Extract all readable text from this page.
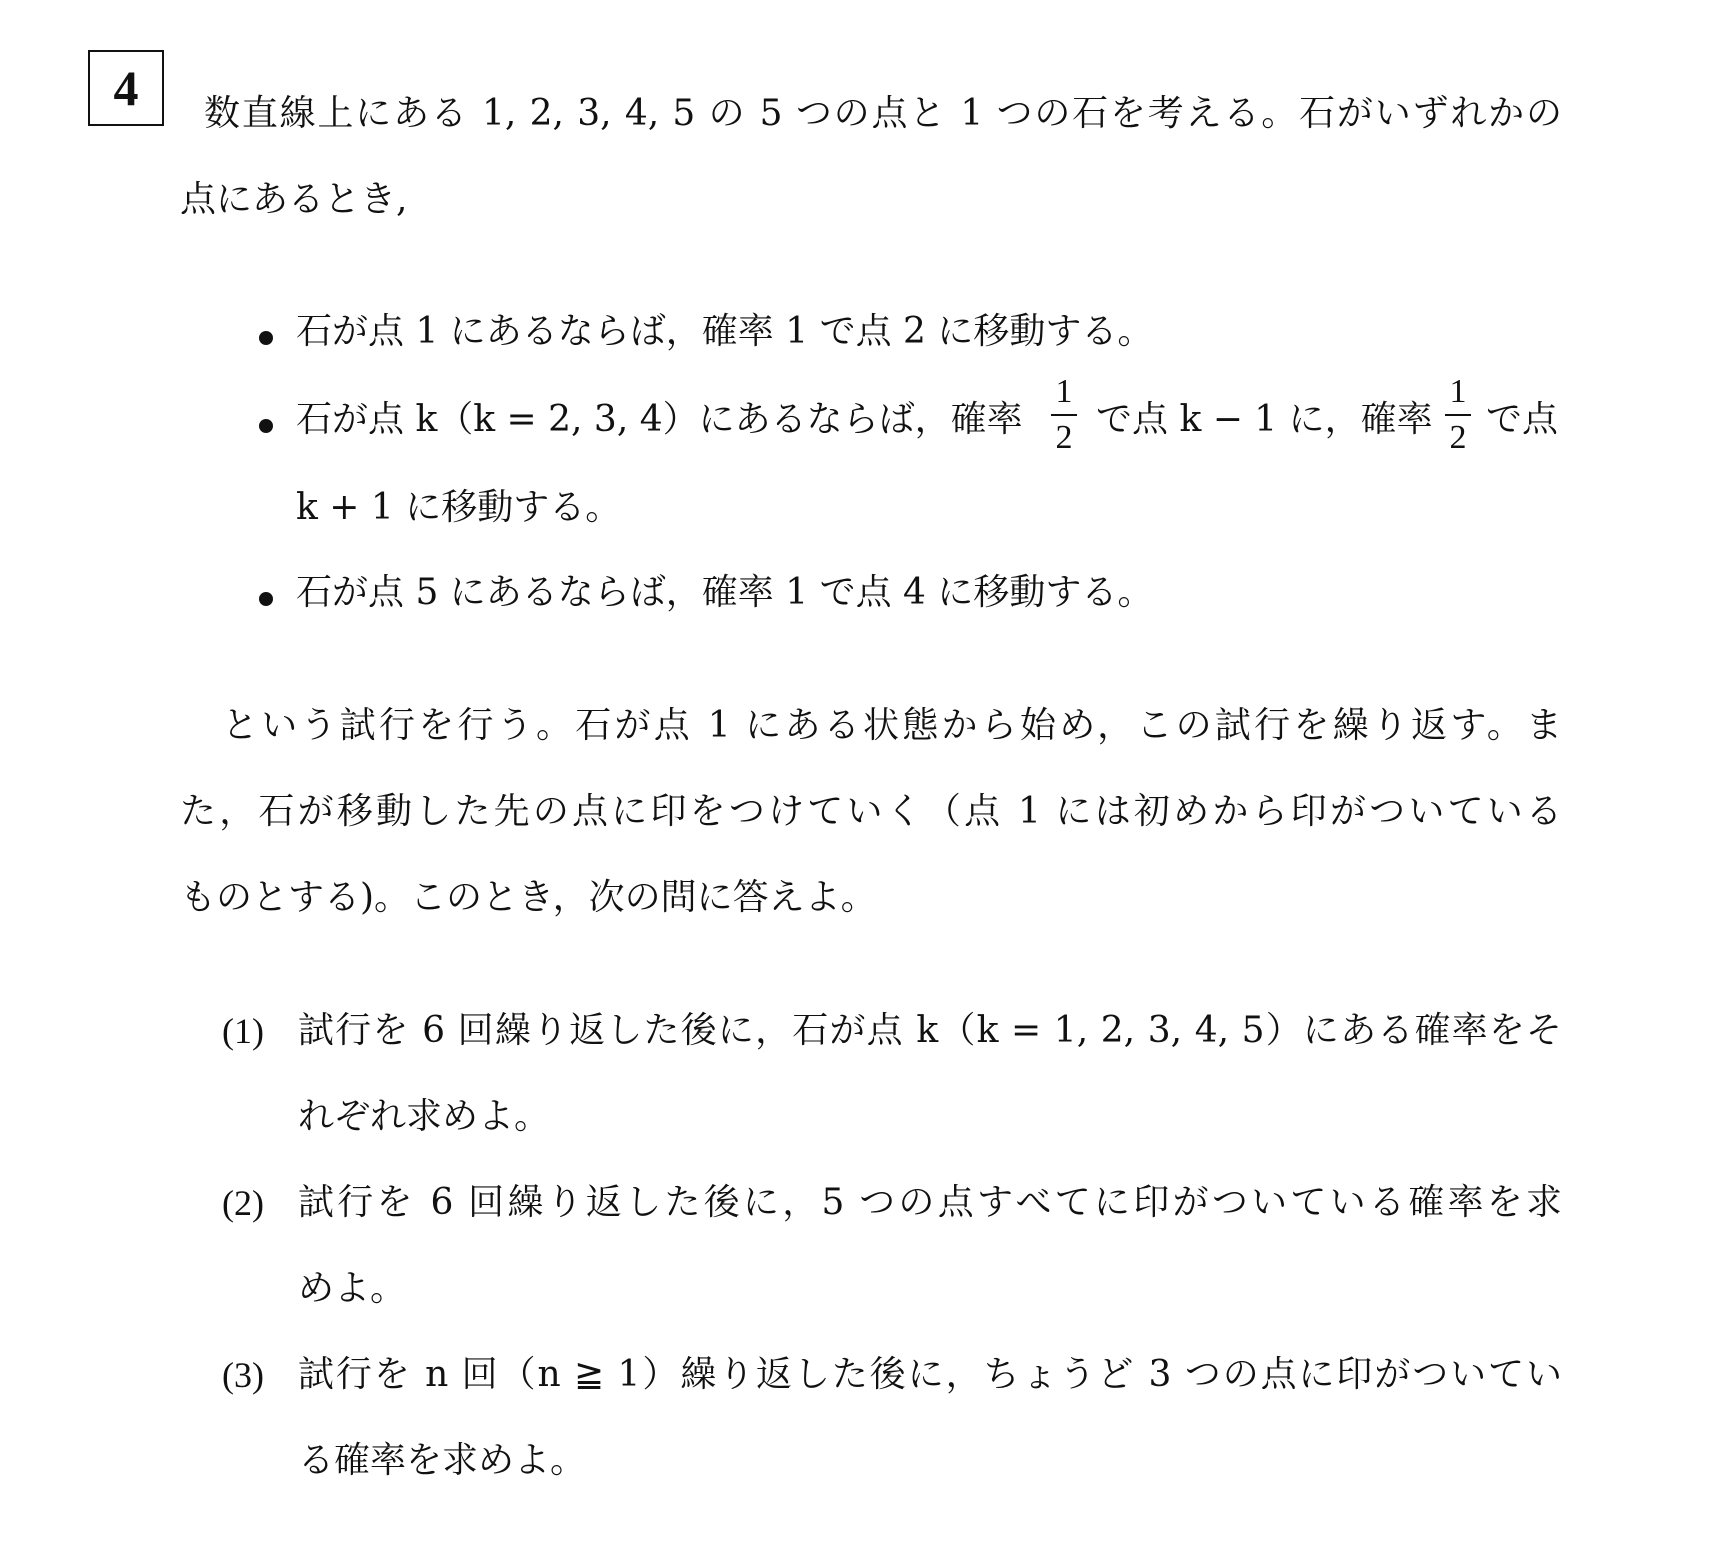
4 数直線上にある 1, 2, 3, 4, 5 の 5 つの点と 1 つの石を考える。石がいずれかの
点にあるとき,
石が点 1 にあるならば，確率 1 で点 2 に移動する。
石が点 k（k = 2, 3, 4）にあるならば，確率
1
2 で点 k − 1 に，確率
1
2 で点
k + 1 に移動する。
石が点 5 にあるならば，確率 1 で点 4 に移動する。
という試行を行う。石が点 1 にある状態から始め，この試行を繰り返す。ま
た，石が移動した先の点に印をつけていく（点 1 には初めから印がついている
ものとする)。このとき，次の問に答えよ。
(1) 試行を 6 回繰り返した後に，石が点 k（k = 1, 2, 3, 4, 5）にある確率をそ
れぞれ求めよ。
(2) 試行を 6 回繰り返した後に，5 つの点すべてに印がついている確率を求
めよ。
(3) 試行を n 回（n ≧ 1）繰り返した後に，ちょうど 3 つの点に印がついてい
る確率を求めよ。
